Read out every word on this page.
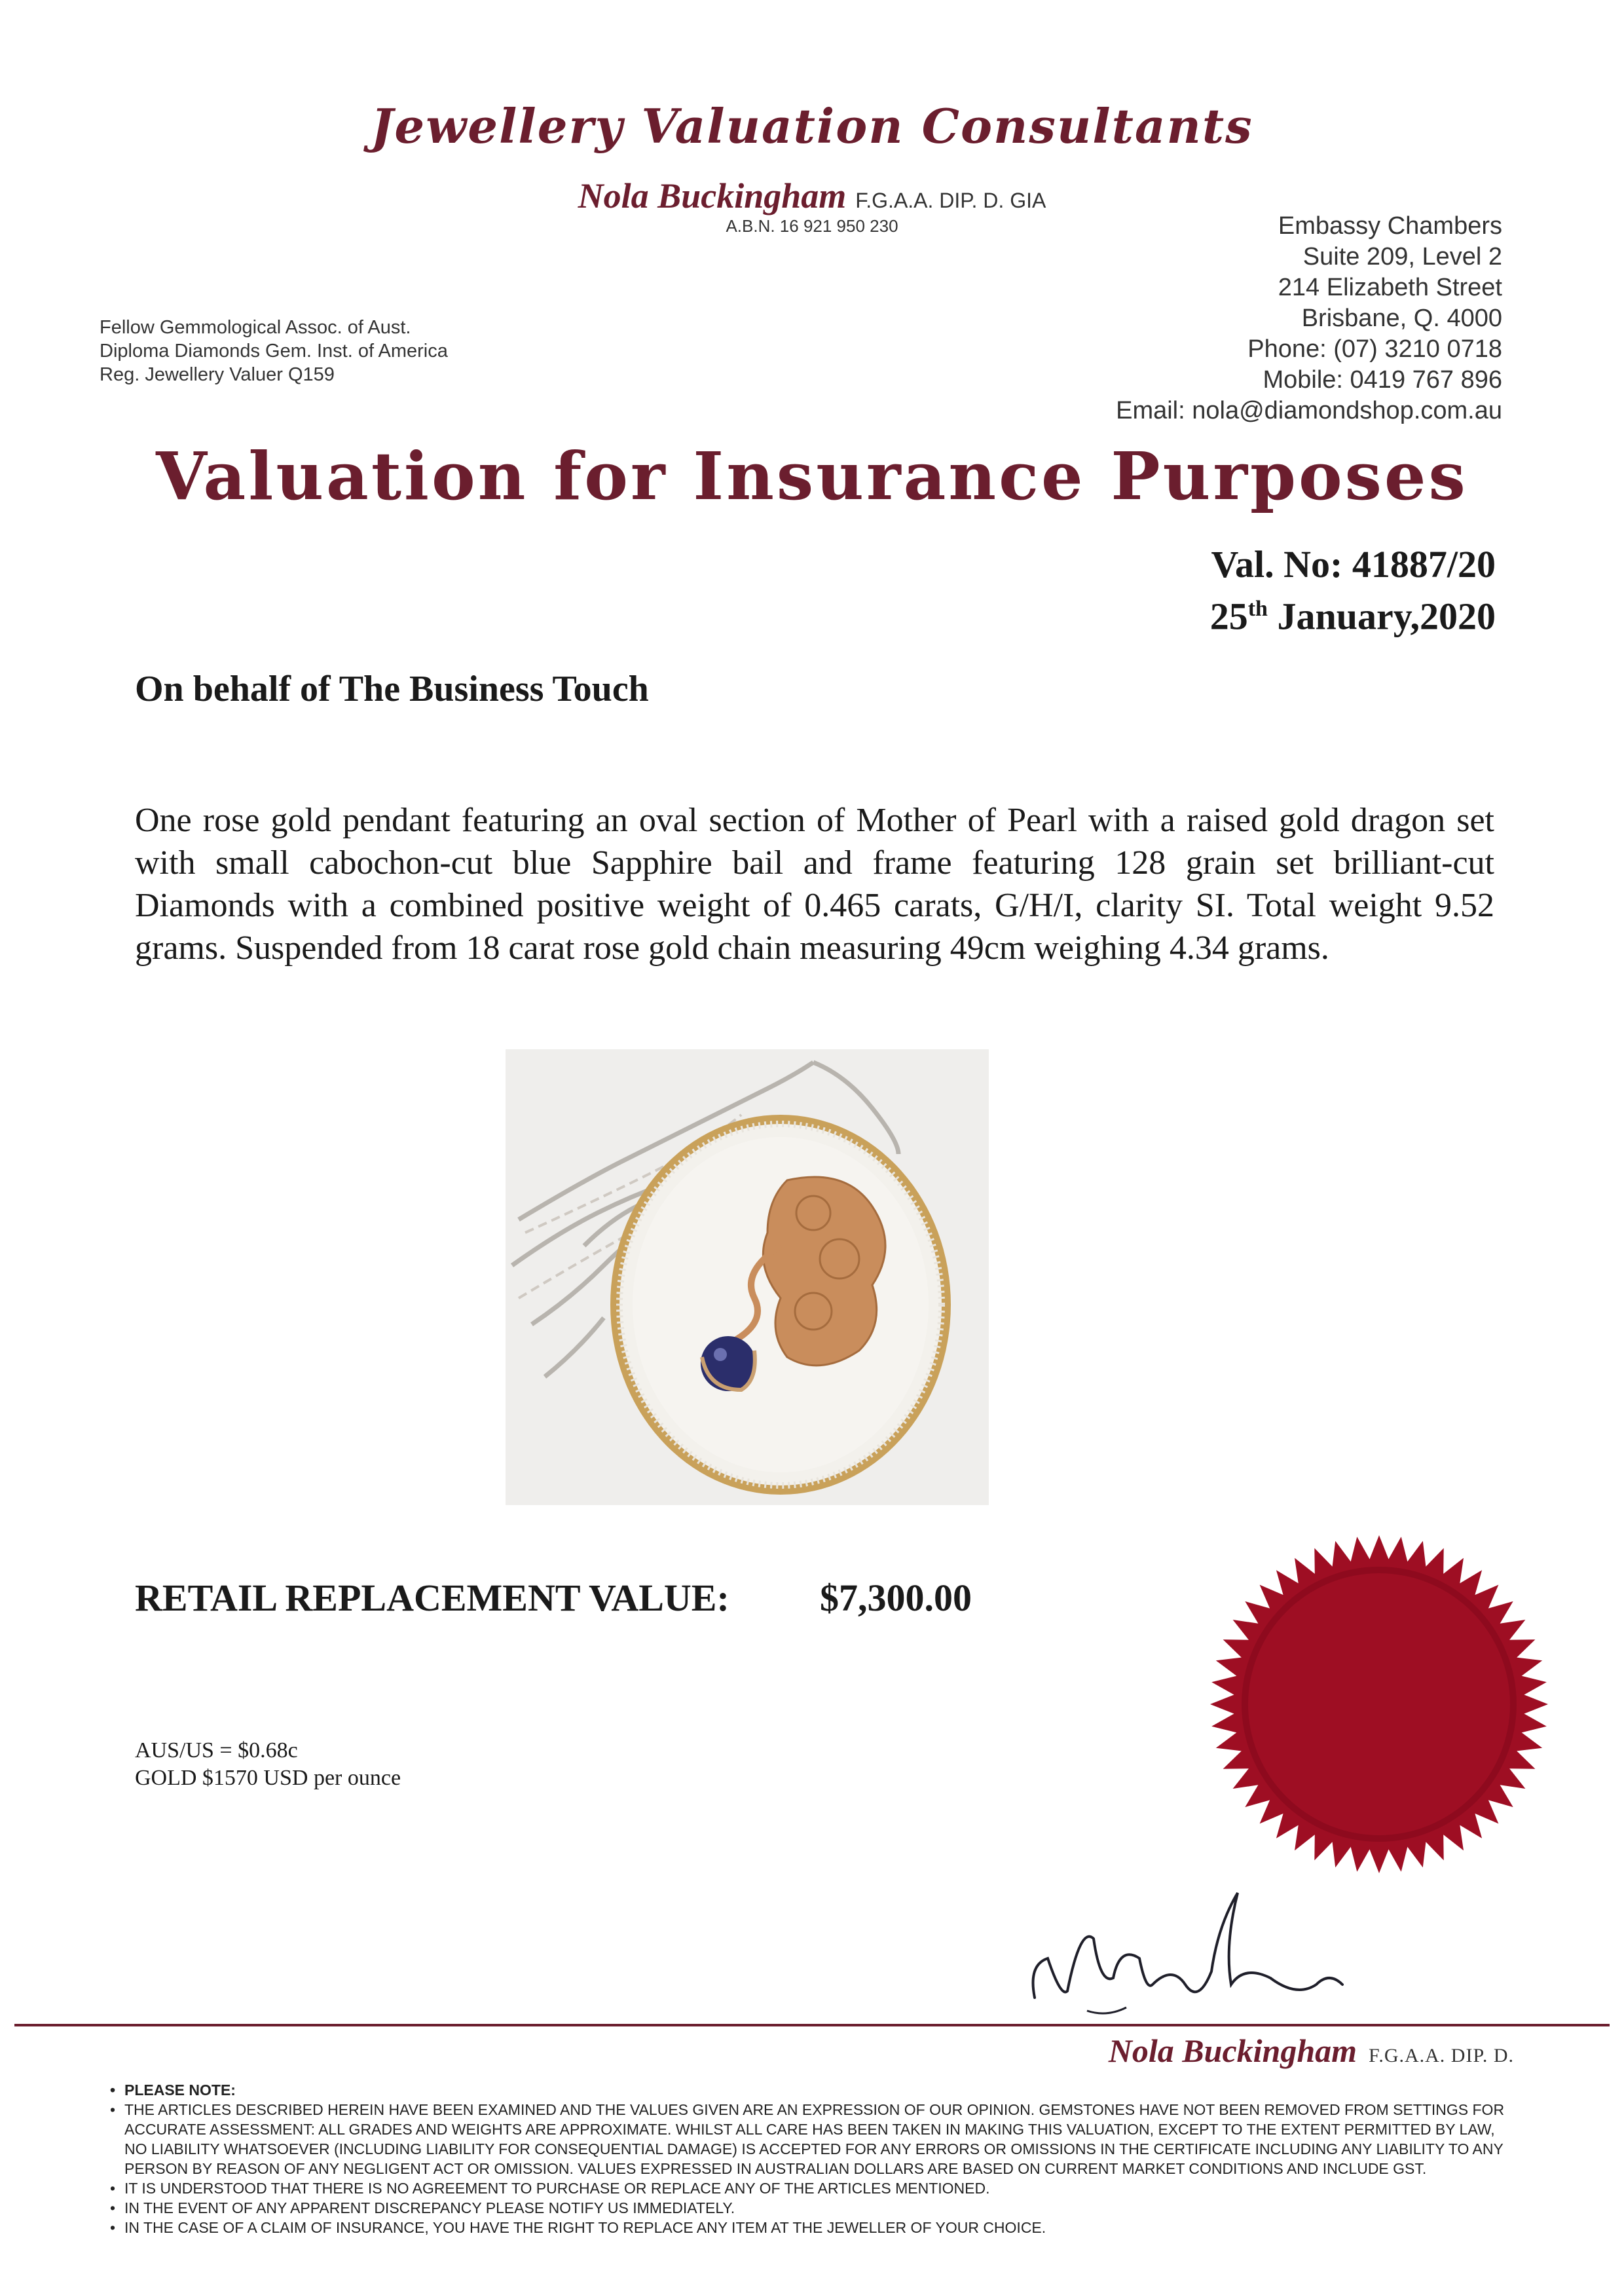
Jewellery Valuation Consultants
Nola Buckingham F.G.A.A. DIP. D. GIA
A.B.N. 16 921 950 230
Fellow Gemmological Assoc. of Aust.
Diploma Diamonds Gem. Inst. of America
Reg. Jewellery Valuer Q159
Embassy Chambers
Suite 209, Level 2
214 Elizabeth Street
Brisbane, Q. 4000
Phone: (07) 3210 0718
Mobile: 0419 767 896
Email: nola@diamondshop.com.au
Valuation for Insurance Purposes
Val. No: 41887/20
25th January,2020
On behalf of The Business Touch
One rose gold pendant featuring an oval section of Mother of Pearl with a raised gold dragon set with small cabochon-cut blue Sapphire bail and frame featuring 128 grain set brilliant-cut Diamonds with a combined positive weight of 0.465 carats, G/H/I, clarity SI. Total weight 9.52 grams. Suspended from 18 carat rose gold chain measuring 49cm weighing 4.34 grams.
RETAIL REPLACEMENT VALUE: $7,300.00
AUS/US = $0.68c
GOLD $1570 USD per ounce
Nola Buckingham F.G.A.A. DIP. D.
• PLEASE NOTE:
• THE ARTICLES DESCRIBED HEREIN HAVE BEEN EXAMINED AND THE VALUES GIVEN ARE AN EXPRESSION OF OUR OPINION. GEMSTONES HAVE NOT BEEN REMOVED FROM SETTINGS FOR ACCURATE ASSESSMENT: ALL GRADES AND WEIGHTS ARE APPROXIMATE. WHILST ALL CARE HAS BEEN TAKEN IN MAKING THIS VALUATION, EXCEPT TO THE EXTENT PERMITTED BY LAW, NO LIABILITY WHATSOEVER (INCLUDING LIABILITY FOR CONSEQUENTIAL DAMAGE) IS ACCEPTED FOR ANY ERRORS OR OMISSIONS IN THE CERTIFICATE INCLUDING ANY LIABILITY TO ANY PERSON BY REASON OF ANY NEGLIGENT ACT OR OMISSION. VALUES EXPRESSED IN AUSTRALIAN DOLLARS ARE BASED ON CURRENT MARKET CONDITIONS AND INCLUDE GST.
• IT IS UNDERSTOOD THAT THERE IS NO AGREEMENT TO PURCHASE OR REPLACE ANY OF THE ARTICLES MENTIONED.
• IN THE EVENT OF ANY APPARENT DISCREPANCY PLEASE NOTIFY US IMMEDIATELY.
• IN THE CASE OF A CLAIM OF INSURANCE, YOU HAVE THE RIGHT TO REPLACE ANY ITEM AT THE JEWELLER OF YOUR CHOICE.
